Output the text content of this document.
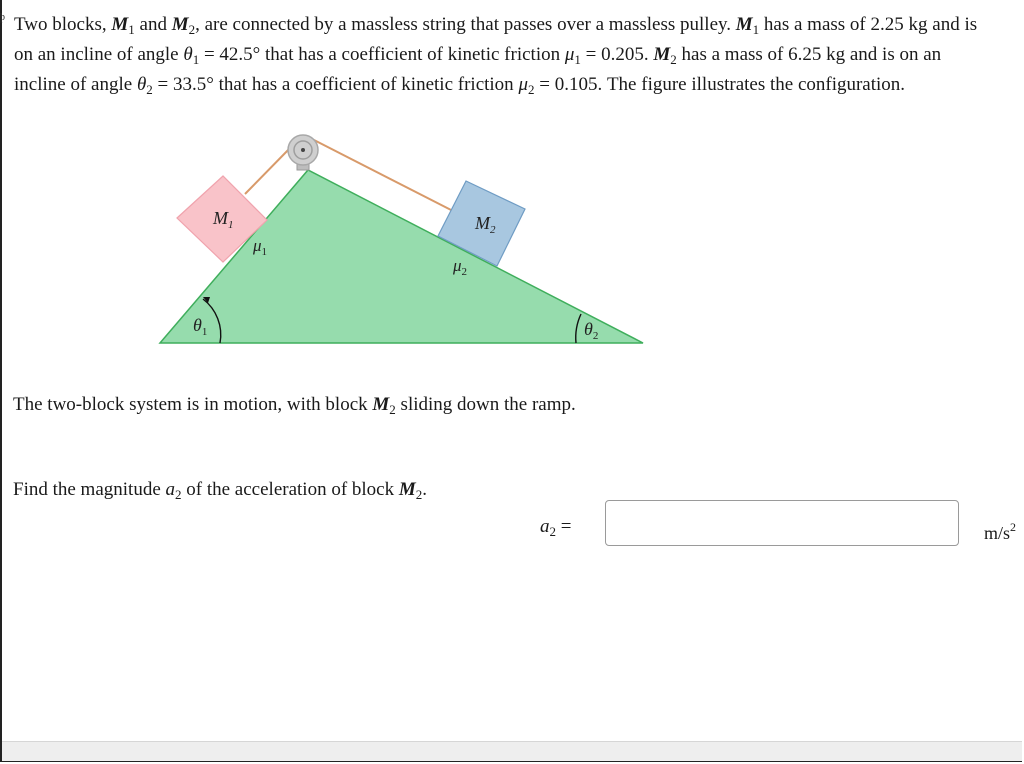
þ Two blocks, $M_1$ and $M_2$, are connected by a massless string that passes over a massless pulley. $M_1$ has a mass of 2.25 kg and is
on an incline of angle $\theta_1 = 42.5^\circ$ that has a coefficient of kinetic friction $\mu_1 = 0.205$. $M_2$ has a mass of 6.25 kg and is on an
incline of angle $\theta_2 = 33.5^\circ$ that has a coefficient of kinetic friction $\mu_2 = 0.105$. The figure illustrates the configuration.
$M_1$	$M_2$
$\mu_1$
$\mu_2$
$\theta_1$	$\theta_2$
The two-block system is in motion, with block $M_2$ sliding down the ramp.
Find the magnitude $a_2$ of the acceleration of block $M_2$.
$a_2$ =	$m/s^2$
